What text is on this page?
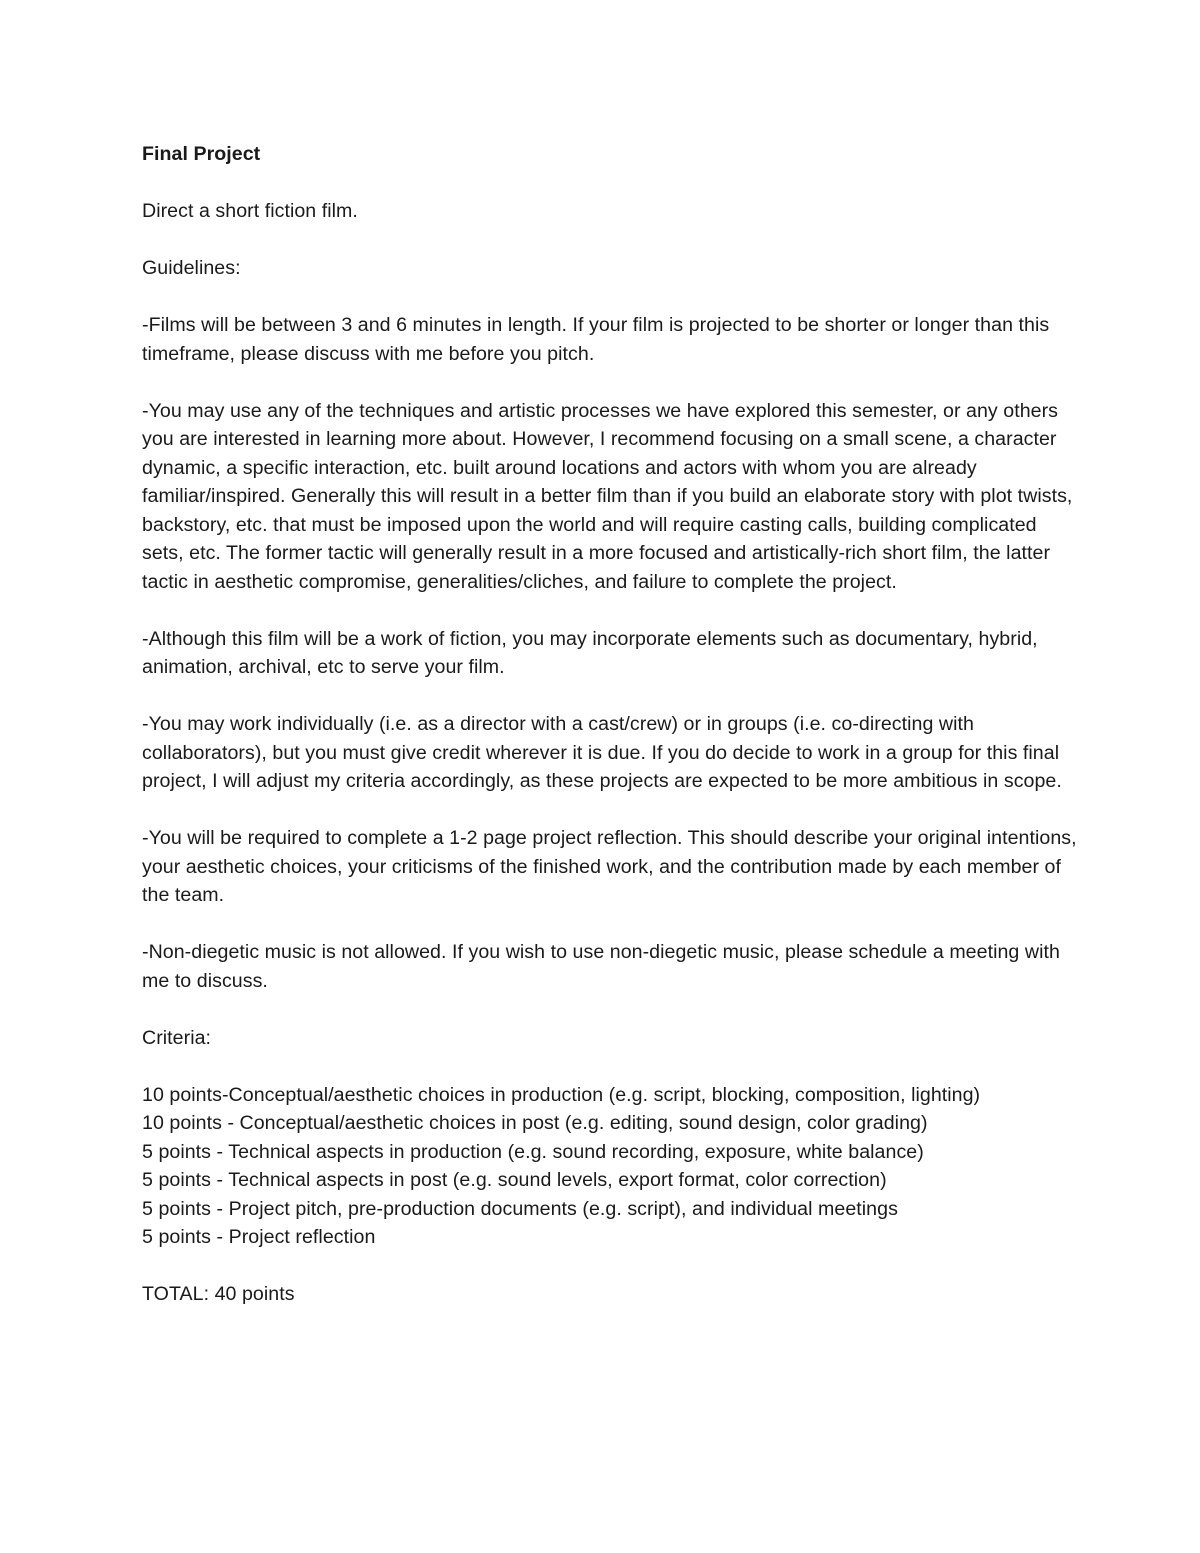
Final Project

Direct a short fiction film.

Guidelines:

-Films will be between 3 and 6 minutes in length. If your film is projected to be shorter or longer than this timeframe, please discuss with me before you pitch.

-You may use any of the techniques and artistic processes we have explored this semester, or any others you are interested in learning more about. However, I recommend focusing on a small scene, a character dynamic, a specific interaction, etc. built around locations and actors with whom you are already familiar/inspired. Generally this will result in a better film than if you build an elaborate story with plot twists, backstory, etc. that must be imposed upon the world and will require casting calls, building complicated sets, etc. The former tactic will generally result in a more focused and artistically-rich short film, the latter tactic in aesthetic compromise, generalities/cliches, and failure to complete the project.

-Although this film will be a work of fiction, you may incorporate elements such as documentary, hybrid, animation, archival, etc to serve your film.

-You may work individually (i.e. as a director with a cast/crew) or in groups (i.e. co-directing with collaborators), but you must give credit wherever it is due. If you do decide to work in a group for this final project, I will adjust my criteria accordingly, as these projects are expected to be more ambitious in scope.

-You will be required to complete a 1-2 page project reflection. This should describe your original intentions, your aesthetic choices, your criticisms of the finished work, and the contribution made by each member of the team.

-Non-diegetic music is not allowed. If you wish to use non-diegetic music, please schedule a meeting with me to discuss.

Criteria:

10 points-Conceptual/aesthetic choices in production (e.g. script, blocking, composition, lighting)
10 points - Conceptual/aesthetic choices in post (e.g. editing, sound design, color grading)
5 points - Technical aspects in production (e.g. sound recording, exposure, white balance)
5 points - Technical aspects in post (e.g. sound levels, export format, color correction)
5 points - Project pitch, pre-production documents (e.g. script), and individual meetings
5 points - Project reflection

TOTAL: 40 points
